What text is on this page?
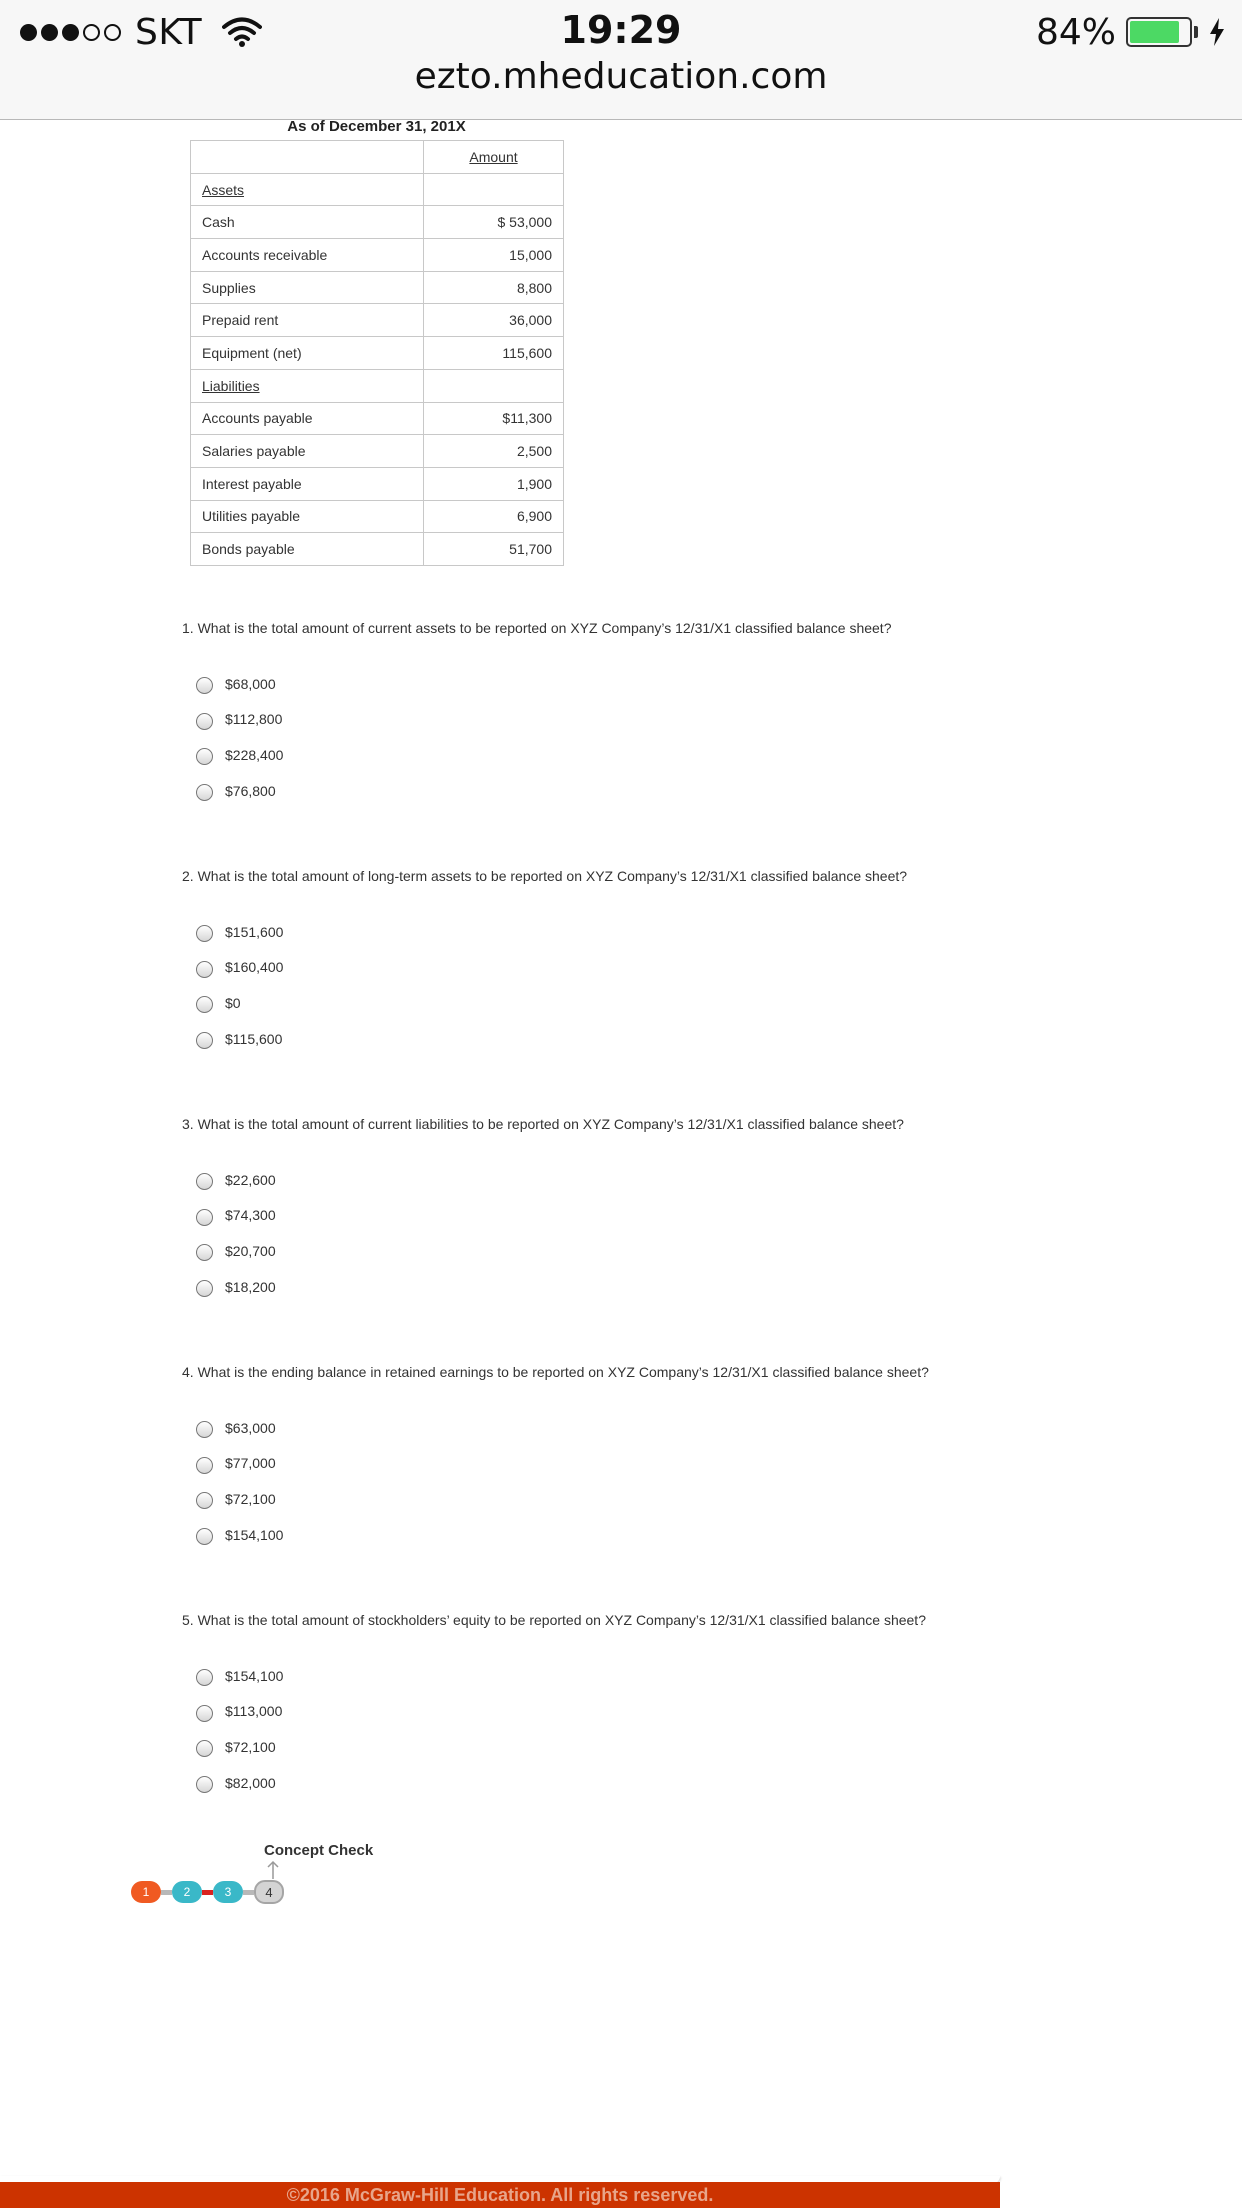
SKT	19:29	84%
ezto.mheducation.com
As of December 31, 201X
	Amount
Assets	
Cash	$ 53,000
Accounts receivable	15,000
Supplies	8,800
Prepaid rent	36,000
Equipment (net)	115,600
Liabilities	
Accounts payable	$11,300
Salaries payable	2,500
Interest payable	1,900
Utilities payable	6,900
Bonds payable	51,700
1. What is the total amount of current assets to be reported on XYZ Company’s 12/31/X1 classified balance sheet?
$68,000
$112,800
$228,400
$76,800
2. What is the total amount of long-term assets to be reported on XYZ Company’s 12/31/X1 classified balance sheet?
$151,600
$160,400
$0
$115,600
3. What is the total amount of current liabilities to be reported on XYZ Company’s 12/31/X1 classified balance sheet?
$22,600
$74,300
$20,700
$18,200
4. What is the ending balance in retained earnings to be reported on XYZ Company’s 12/31/X1 classified balance sheet?
$63,000
$77,000
$72,100
$154,100
5. What is the total amount of stockholders’ equity to be reported on XYZ Company’s 12/31/X1 classified balance sheet?
$154,100
$113,000
$72,100
$82,000
Concept Check
1	2	3	4
©2016 McGraw-Hill Education. All rights reserved.
